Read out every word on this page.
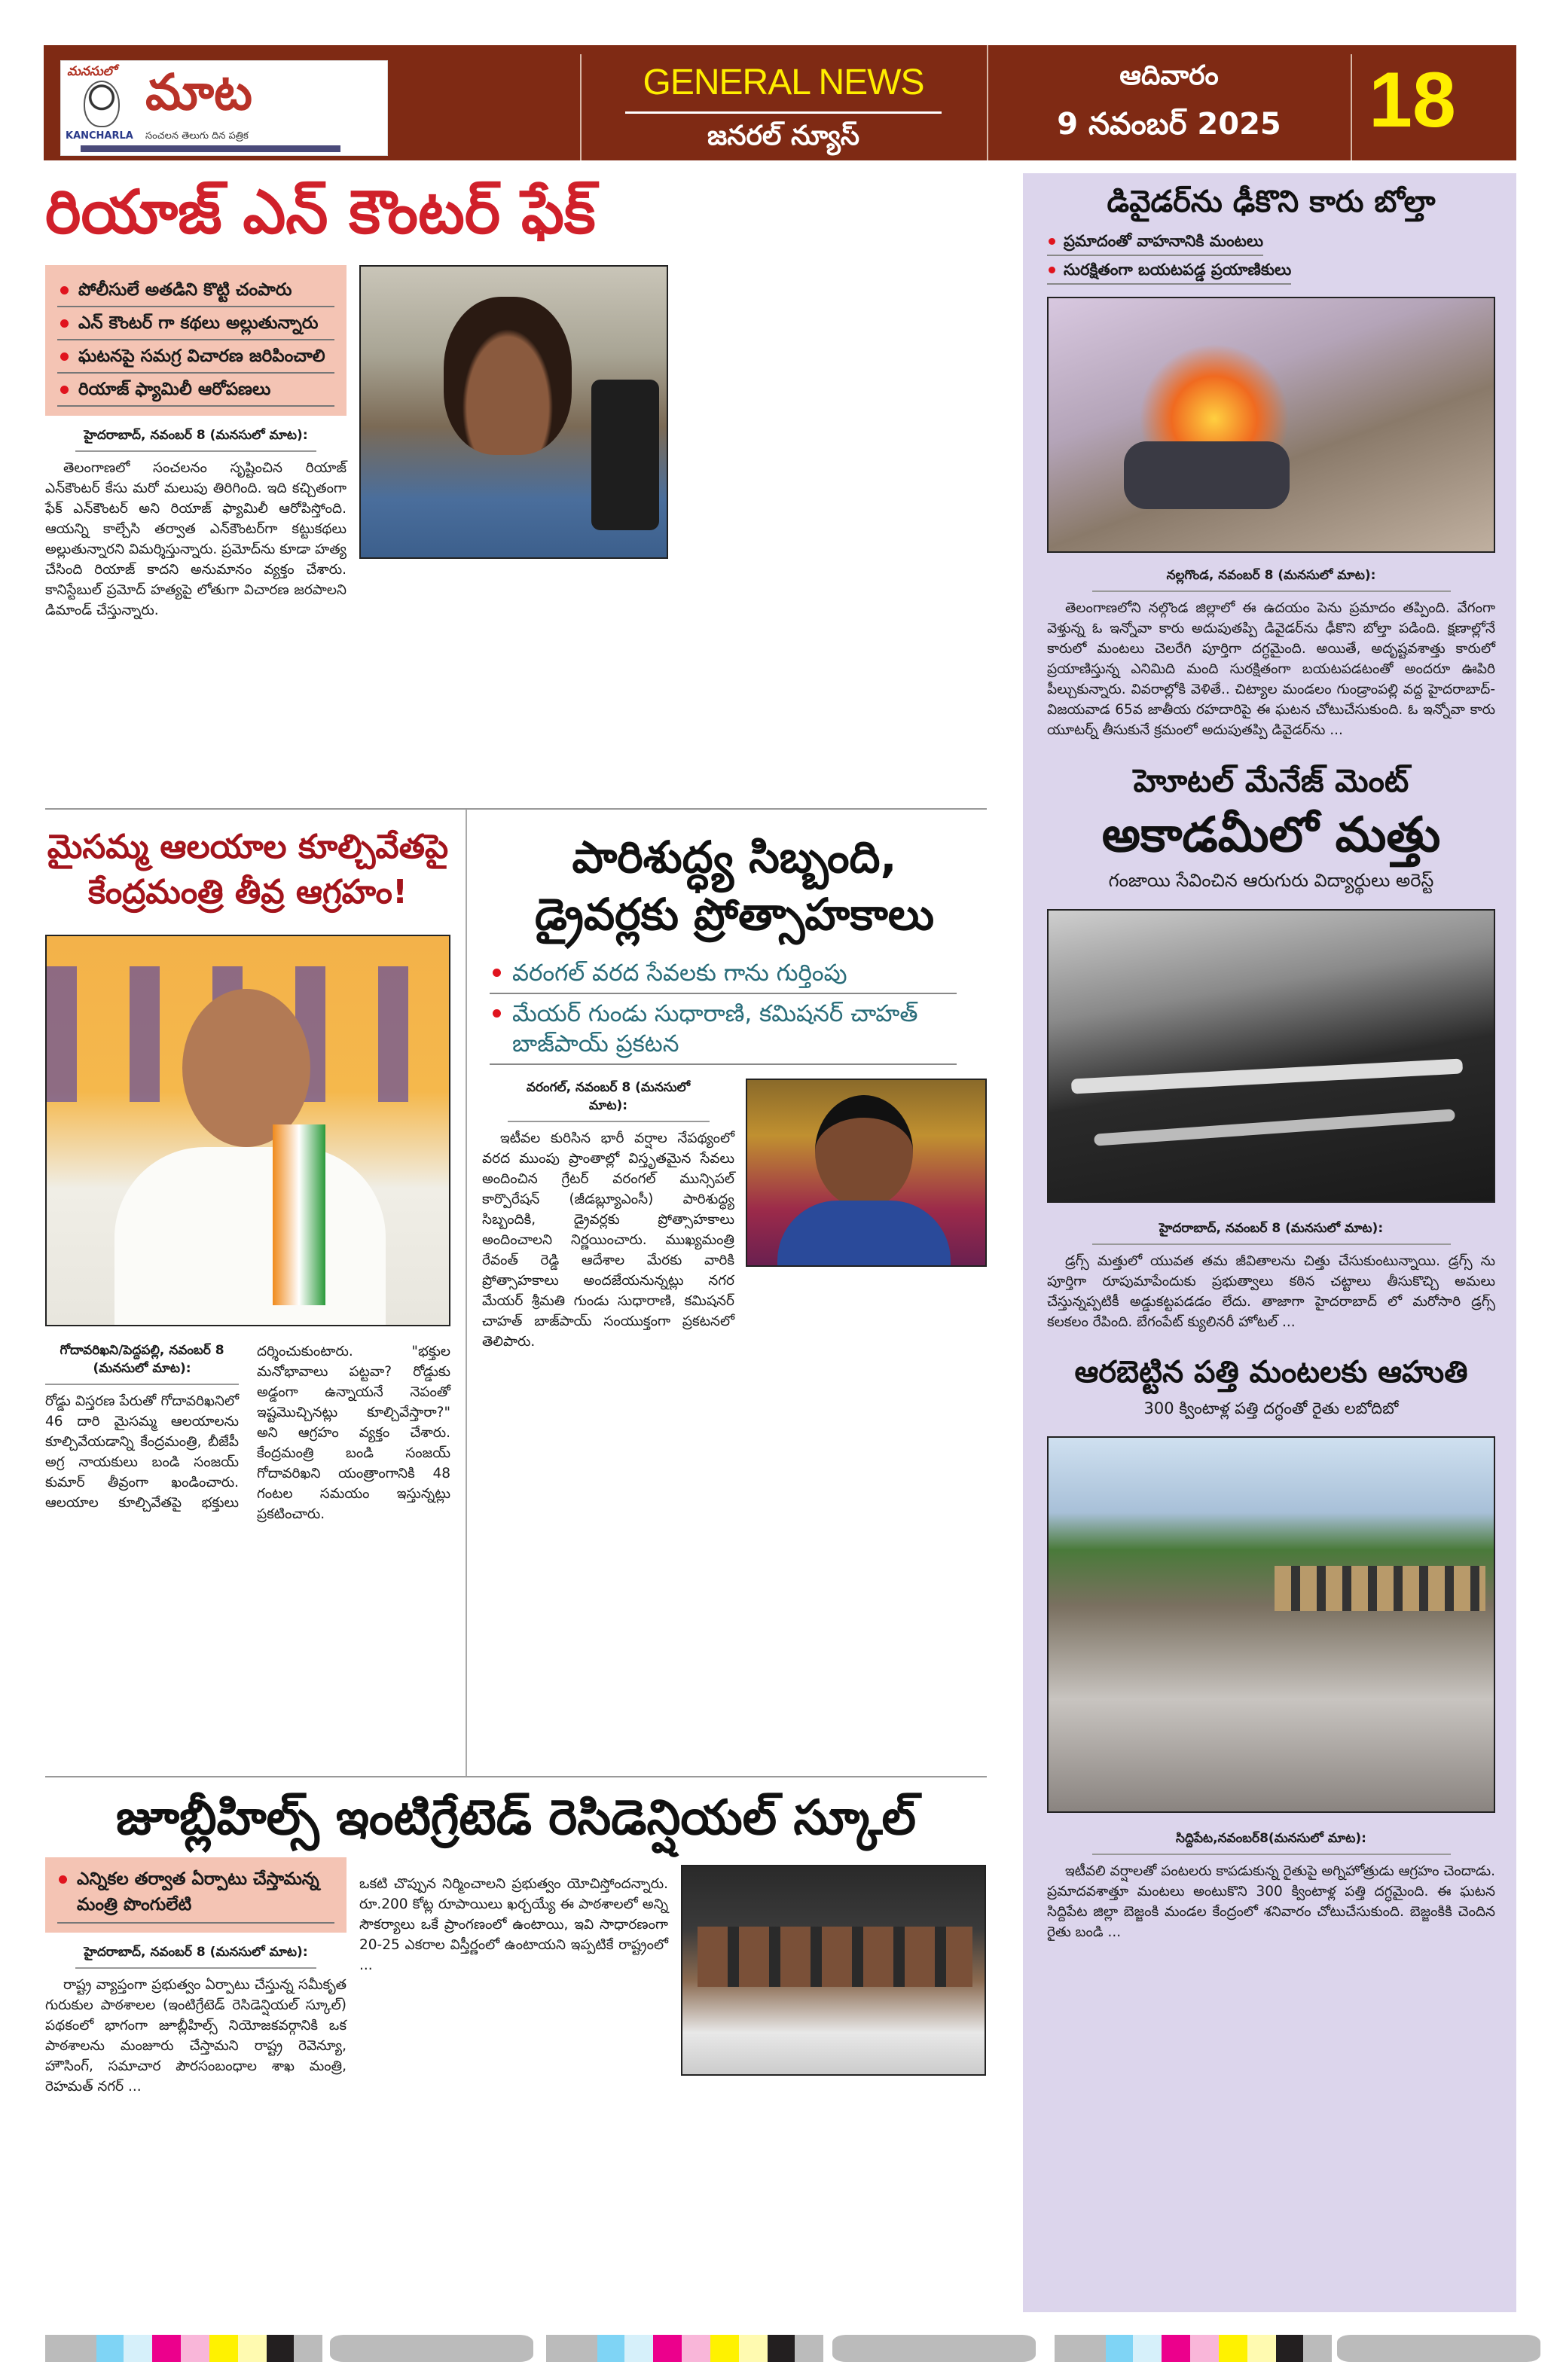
మనసులో మాట
KANCHARLA సంచలన తెలుగు దిన పత్రిక
GENERAL NEWS
జనరల్ న్యూస్
ఆదివారం
9 నవంబర్ 2025	18
రియాజ్ ఎన్ కౌంటర్ ఫేక్
పోలీసులే అతడిని కొట్టి చంపారు
ఎన్ కౌంటర్ గా కథలు అల్లుతున్నారు
ఘటనపై సమగ్ర విచారణ జరిపించాలి
రియాజ్ ఫ్యామిలీ ఆరోపణలు
హైదరాబాద్, నవంబర్ 8 (మనసులో మాట):
తెలంగాణలో సంచలనం సృష్టించిన రియాజ్ ఎన్‌కౌంటర్ కేసు మరో మలుపు తిరిగింది. ఇది కచ్చితంగా ఫేక్ ఎన్‌కౌంటర్ అని రియాజ్ ఫ్యామిలీ ఆరోపిస్తోంది. ఆయన్ని కాల్చేసి తర్వాత ఎన్‌కౌంటర్‌గా కట్టుకథలు అల్లుతున్నారని విమర్శిస్తున్నారు. ప్రమోద్‌ను కూడా హత్య చేసింది రియాజ్ కాదని అనుమానం వ్యక్తం చేశారు. కానిస్టేబుల్ ప్రమోద్ హత్యపై లోతుగా విచారణ జరపాలని డిమాండ్ చేస్తున్నారు.
మైసమ్మ ఆలయాల కూల్చివేతపై
కేంద్రమంత్రి తీవ్ర ఆగ్రహం!
గోదావరిఖని/పెద్దపల్లి, నవంబర్ 8 (మనసులో మాట):
రోడ్డు విస్తరణ పేరుతో గోదావరిఖనిలో 46 దారి మైసమ్మ ఆలయాలను కూల్చివేయడాన్ని కేంద్రమంత్రి, బీజేపీ అగ్ర నాయకులు బండి సంజయ్ కుమార్ తీవ్రంగా ఖండించారు. ఆలయాల కూల్చివేతపై భక్తులు దర్శించుకుంటారు. "భక్తుల మనోభావాలు పట్టవా? రోడ్డుకు అడ్డంగా ఉన్నాయనే నెపంతో ఇష్టమొచ్చినట్లు కూల్చివేస్తారా?" అని ఆగ్రహం వ్యక్తం చేశారు. కేంద్రమంత్రి బండి సంజయ్ గోదావరిఖని యంత్రాంగానికి 48 గంటల సమయం ఇస్తున్నట్లు ప్రకటించారు.
పారిశుద్ధ్య సిబ్బంది,
డ్రైవర్లకు ప్రోత్సాహకాలు
వరంగల్ వరద సేవలకు గాను గుర్తింపు
మేయర్ గుండు సుధారాణి, కమిషనర్ చాహత్ బాజ్‌పాయ్ ప్రకటన
వరంగల్, నవంబర్ 8 (మనసులో మాట):
ఇటీవల కురిసిన భారీ వర్షాల నేపథ్యంలో వరద ముంపు ప్రాంతాల్లో విస్తృతమైన సేవలు అందించిన గ్రేటర్ వరంగల్ మున్సిపల్ కార్పొరేషన్ (జీడబ్ల్యూఎంసీ) పారిశుద్ధ్య సిబ్బందికి, డ్రైవర్లకు ప్రోత్సాహకాలు అందించాలని నిర్ణయించారు. ముఖ్యమంత్రి రేవంత్ రెడ్డి ఆదేశాల మేరకు వారికి ప్రోత్సాహకాలు అందజేయనున్నట్లు నగర మేయర్ శ్రీమతి గుండు సుధారాణి, కమిషనర్ చాహత్ బాజ్‌పాయ్ సంయుక్తంగా ప్రకటనలో తెలిపారు.
జూబ్లీహిల్స్ ఇంటిగ్రేటెడ్ రెసిడెన్షియల్ స్కూల్
ఎన్నికల తర్వాత ఏర్పాటు చేస్తామన్న మంత్రి పొంగులేటి
హైదరాబాద్, నవంబర్ 8 (మనసులో మాట):
రాష్ట్ర వ్యాప్తంగా ప్రభుత్వం ఏర్పాటు చేస్తున్న సమీకృత గురుకుల పాఠశాలల (ఇంటిగ్రేటెడ్ రెసిడెన్షియల్ స్కూల్) పథకంలో భాగంగా జూబ్లీహిల్స్ నియోజకవర్గానికి ఒక పాఠశాలను మంజూరు చేస్తామని రాష్ట్ర రెవెన్యూ, హౌసింగ్, సమాచార పౌరసంబంధాల శాఖ మంత్రి, రెహమత్ నగర్ ...
ఒకటి చొప్పున నిర్మించాలని ప్రభుత్వం యోచిస్తోందన్నారు. రూ.200 కోట్ల రూపాయిలు ఖర్చయ్యే ఈ పాఠశాలలో అన్ని సౌకర్యాలు ఒకే ప్రాంగణంలో ఉంటాయి, ఇవి సాధారణంగా 20-25 ఎకరాల విస్తీర్ణంలో ఉంటాయని ఇప్పటికే రాష్ట్రంలో ...
డివైడర్‌ను ఢీకొని కారు బోల్తా
ప్రమాదంతో వాహనానికి మంటలు

సురక్షితంగా బయటపడ్డ ప్రయాణికులు
నల్లగొండ, నవంబర్ 8 (మనసులో మాట):
తెలంగాణలోని నల్గొండ జిల్లాలో ఈ ఉదయం పెను ప్రమాదం తప్పింది. వేగంగా వెళ్తున్న ఓ ఇన్నోవా కారు అదుపుతప్పి డివైడర్‌ను ఢీకొని బోల్తా పడింది. క్షణాల్లోనే కారులో మంటలు చెలరేగి పూర్తిగా దగ్ధమైంది. అయితే, అదృష్టవశాత్తు కారులో ప్రయాణిస్తున్న ఎనిమిది మంది సురక్షితంగా బయటపడటంతో అందరూ ఊపిరి పీల్చుకున్నారు. వివరాల్లోకి వెళితే.. చిట్యాల మండలం గుండ్రాంపల్లి వద్ద హైదరాబాద్-విజయవాడ 65వ జాతీయ రహదారిపై ఈ ఘటన చోటుచేసుకుంది. ఓ ఇన్నోవా కారు యూటర్న్ తీసుకునే క్రమంలో అదుపుతప్పి డివైడర్‌ను ...
హెూటల్ మేనేజ్ మెంట్
అకాడమీలో మత్తు
గంజాయి సేవించిన ఆరుగురు విద్యార్థులు అరెస్ట్
హైదరాబాద్, నవంబర్ 8 (మనసులో మాట):
డ్రగ్స్ మత్తులో యువత తమ జీవితాలను చిత్తు చేసుకుంటున్నాయి. డ్రగ్స్ ను పూర్తిగా రూపుమాపేందుకు ప్రభుత్వాలు కఠిన చట్టాలు తీసుకొచ్చి అమలు చేస్తున్నప్పటికీ అడ్డుకట్టపడడం లేదు. తాజాగా హైదరాబాద్ లో మరోసారి డ్రగ్స్ కలకలం రేపింది. బేగంపేట్ క్యులినరీ హోటల్ ...
ఆరబెట్టిన పత్తి మంటలకు ఆహుతి
300 క్వింటాళ్ల పత్తి దగ్ధంతో రైతు లబోదిబో
సిద్దిపేట,నవంబర్8(మనసులో మాట):
ఇటీవలి వర్షాలతో పంటలరు కాపడుకున్న రైతుపై అగ్నిహోత్రుడు ఆగ్రహం చెందాడు. ప్రమాదవశాత్తూ మంటలు అంటుకొని 300 క్వింటాళ్ల పత్తి దగ్ధమైంది. ఈ ఘటన సిద్దిపేట జిల్లా బెజ్జంకి మండల కేంద్రంలో శనివారం చోటుచేసుకుంది. బెజ్జంకికి చెందిన రైతు బండి ...
